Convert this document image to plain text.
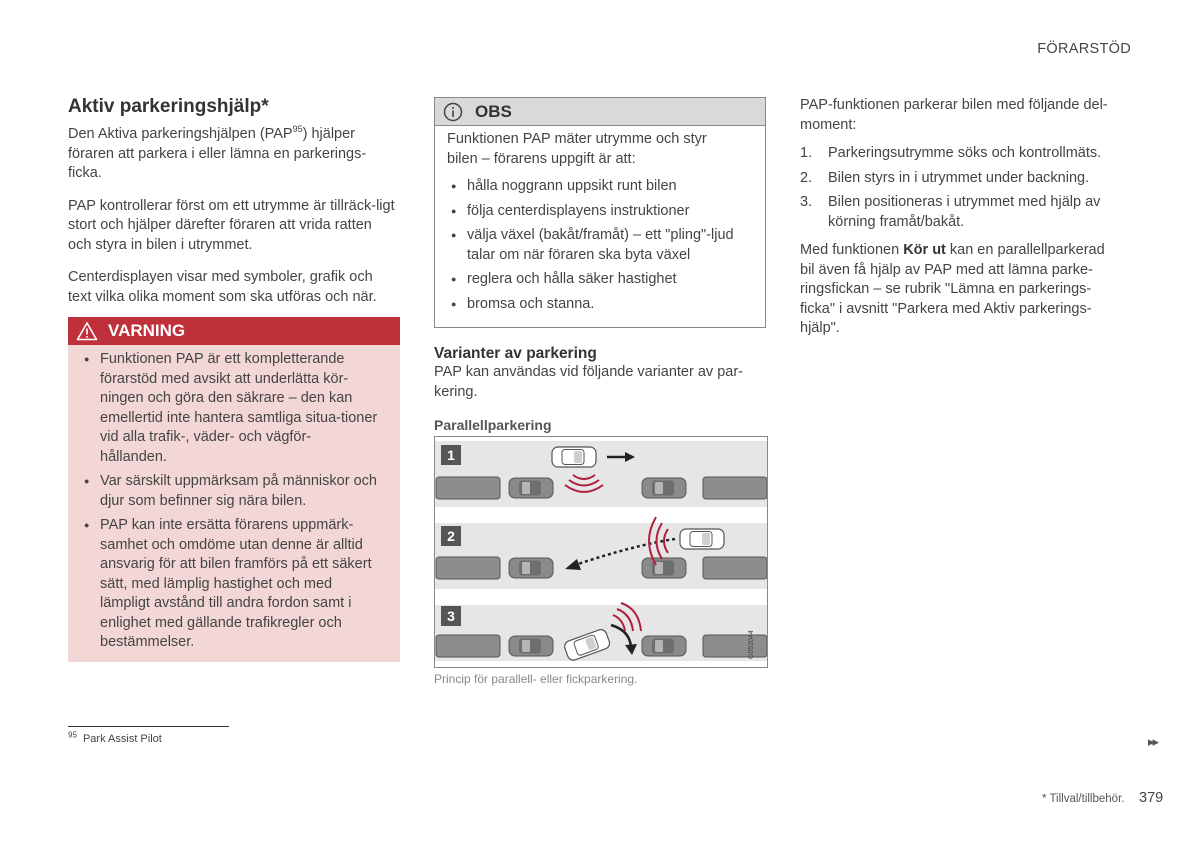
FÖRARSTÖD
Aktiv parkeringshjälp*

Den Aktiva parkeringshjälpen (PAP$^{95}$) hjälper föraren att parkera i eller lämna en parkerings-ficka.

PAP kontrollerar först om ett utrymme är tillräck-ligt stort och hjälper därefter föraren att vrida ratten och styra in bilen i utrymmet.

Centerdisplayen visar med symboler, grafik och text vilka olika moment som ska utföras och när.

VARNING
● Funktionen PAP är ett kompletterande förarstöd med avsikt att underlätta kör-ningen och göra den säkrare – den kan emellertid inte hantera samtliga situa-tioner vid alla trafik-, väder- och vägför-hållanden.
● Var särskilt uppmärksam på människor och djur som befinner sig nära bilen.
● PAP kan inte ersätta förarens uppmärk-samhet och omdöme utan denne är alltid ansvarig för att bilen framförs på ett säkert sätt, med lämplig hastighet och med lämpligt avstånd till andra fordon samt i enlighet med gällande trafikregler och bestämmelser.
OBS

Funktionen PAP mäter utrymme och styr bilen – förarens uppgift är att:

● hålla noggrann uppsikt runt bilen
● följa centerdisplayens instruktioner
● välja växel (bakåt/framåt) – ett "pling"-ljud talar om när föraren ska byta växel
● reglera och hålla säker hastighet
● bromsa och stanna.
Varianter av parkering

PAP kan användas vid följande varianter av par-kering.

Parallellparkering
1
2
3
G052044
Princip för parallell- eller fickparkering.

PAP-funktionen parkerar bilen med följande del-moment:

1. Parkeringsutrymme söks och kontrollmäts.
2. Bilen styrs in i utrymmet under backning.
3. Bilen positioneras i utrymmet med hjälp av körning framåt/bakåt.

Med funktionen Kör ut kan en parallellparkerad bil även få hjälp av PAP med att lämna parke-ringsfickan – se rubrik "Lämna en parkerings-ficka" i avsnitt "Parkera med Aktiv parkerings-hjälp".

$^{95}$ Park Assist Pilot	▸▸
* Tillval/tillbehör. 379
